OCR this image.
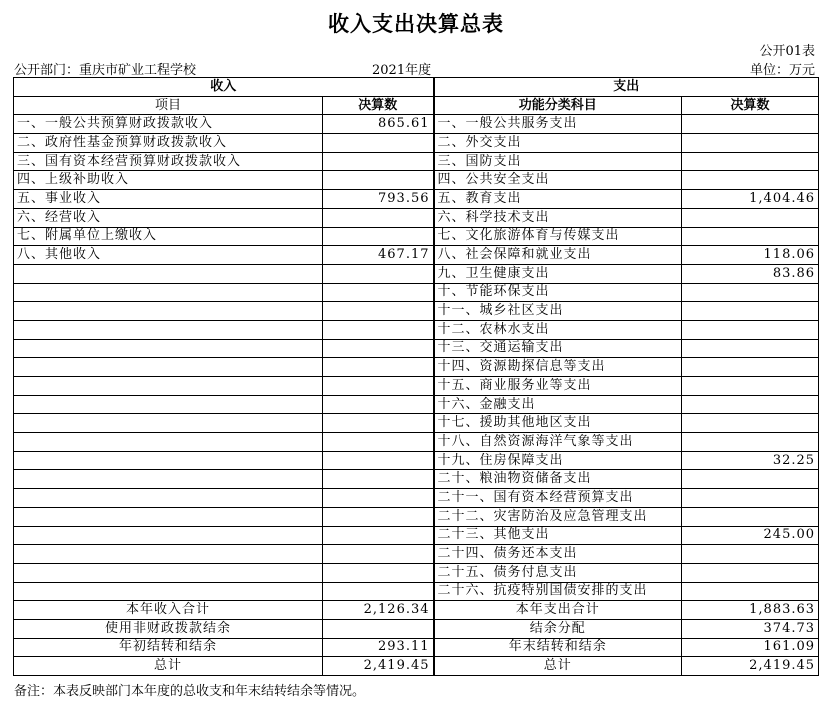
收入支出决算总表
公开01表
公开部门：重庆市矿业工程学校	2021年度	单位：万元
收入		支出	
项目	决算数	功能分类科目	决算数
一、一般公共预算财政拨款收入	865.61	一、一般公共服务支出	
二、政府性基金预算财政拨款收入		二、外交支出	
三、国有资本经营预算财政拨款收入		三、国防支出	
四、上级补助收入		四、公共安全支出	
五、事业收入	793.56	五、教育支出	1,404.46
六、经营收入		六、科学技术支出	
七、附属单位上缴收入		七、文化旅游体育与传媒支出	
八、其他收入	467.17	八、社会保障和就业支出	118.06
		九、卫生健康支出	83.86
		十、节能环保支出	
		十一、城乡社区支出	
		十二、农林水支出	
		十三、交通运输支出	
		十四、资源勘探信息等支出	
		十五、商业服务业等支出	
		十六、金融支出	
		十七、援助其他地区支出	
		十八、自然资源海洋气象等支出	
		十九、住房保障支出	32.25
		二十、粮油物资储备支出	
		二十一、国有资本经营预算支出	
		二十二、灾害防治及应急管理支出	
		二十三、其他支出	245.00
		二十四、债务还本支出	
		二十五、债务付息支出	
		二十六、抗疫特别国债安排的支出	
本年收入合计	2,126.34	本年支出合计	1,883.63
使用非财政拨款结余		结余分配	374.73
年初结转和结余	293.11	年末结转和结余	161.09
总计	2,419.45	总计	2,419.45
备注：本表反映部门本年度的总收支和年末结转结余等情况。
